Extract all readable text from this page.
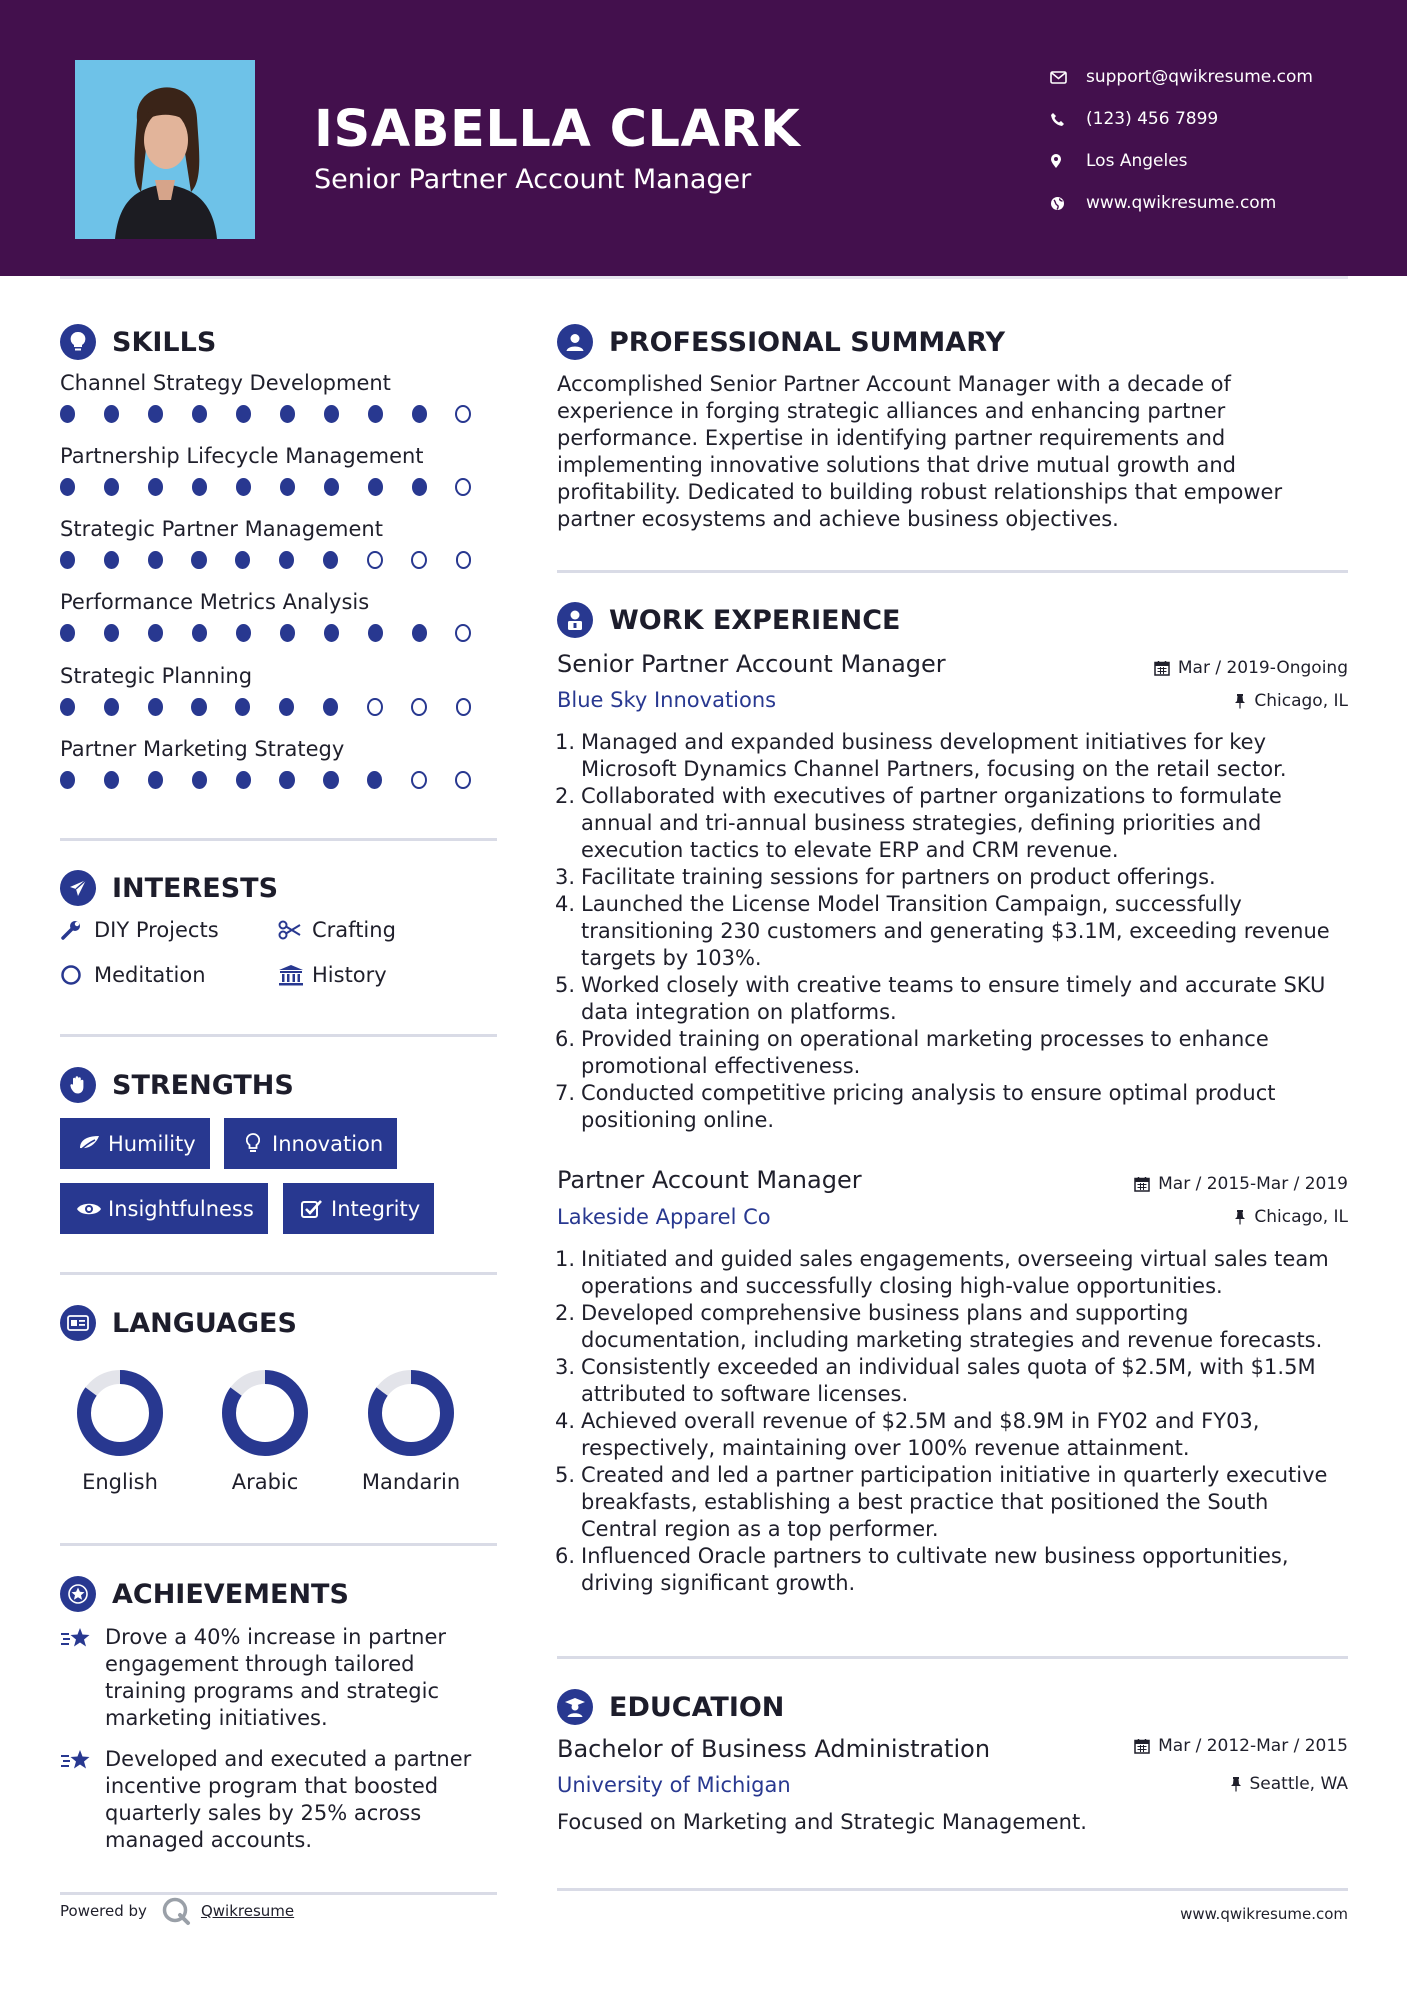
ISABELLA CLARK
Senior Partner Account Manager
support@qwikresume.com
(123) 456 7899
Los Angeles
www.qwikresume.com
SKILLS
Channel Strategy Development
Partnership Lifecycle Management
Strategic Partner Management
Performance Metrics Analysis
Strategic Planning
Partner Marketing Strategy
INTERESTS
DIY Projects	Crafting
Meditation	History
STRENGTHS
Humility	Innovation
Insightfulness	Integrity
LANGUAGES
English	Arabic	Mandarin
ACHIEVEMENTS
Drove a 40% increase in partner engagement through tailored training programs and strategic marketing initiatives.
Developed and executed a partner incentive program that boosted quarterly sales by 25% across managed accounts.
PROFESSIONAL SUMMARY
Accomplished Senior Partner Account Manager with a decade of experience in forging strategic alliances and enhancing partner performance. Expertise in identifying partner requirements and implementing innovative solutions that drive mutual growth and profitability. Dedicated to building robust relationships that empower partner ecosystems and achieve business objectives.
WORK EXPERIENCE
Senior Partner Account Manager	Mar / 2019-Ongoing
Blue Sky Innovations	Chicago, IL
1. Managed and expanded business development initiatives for key Microsoft Dynamics Channel Partners, focusing on the retail sector.
2. Collaborated with executives of partner organizations to formulate annual and tri-annual business strategies, defining priorities and execution tactics to elevate ERP and CRM revenue.
3. Facilitate training sessions for partners on product offerings.
4. Launched the License Model Transition Campaign, successfully transitioning 230 customers and generating $3.1M, exceeding revenue targets by 103%.
5. Worked closely with creative teams to ensure timely and accurate SKU data integration on platforms.
6. Provided training on operational marketing processes to enhance promotional effectiveness.
7. Conducted competitive pricing analysis to ensure optimal product positioning online.
Partner Account Manager	Mar / 2015-Mar / 2019
Lakeside Apparel Co	Chicago, IL
1. Initiated and guided sales engagements, overseeing virtual sales team operations and successfully closing high-value opportunities.
2. Developed comprehensive business plans and supporting documentation, including marketing strategies and revenue forecasts.
3. Consistently exceeded an individual sales quota of $2.5M, with $1.5M attributed to software licenses.
4. Achieved overall revenue of $2.5M and $8.9M in FY02 and FY03, respectively, maintaining over 100% revenue attainment.
5. Created and led a partner participation initiative in quarterly executive breakfasts, establishing a best practice that positioned the South Central region as a top performer.
6. Influenced Oracle partners to cultivate new business opportunities, driving significant growth.
EDUCATION
Bachelor of Business Administration	Mar / 2012-Mar / 2015
University of Michigan	Seattle, WA
Focused on Marketing and Strategic Management.
Powered by	Qwikresume	www.qwikresume.com
